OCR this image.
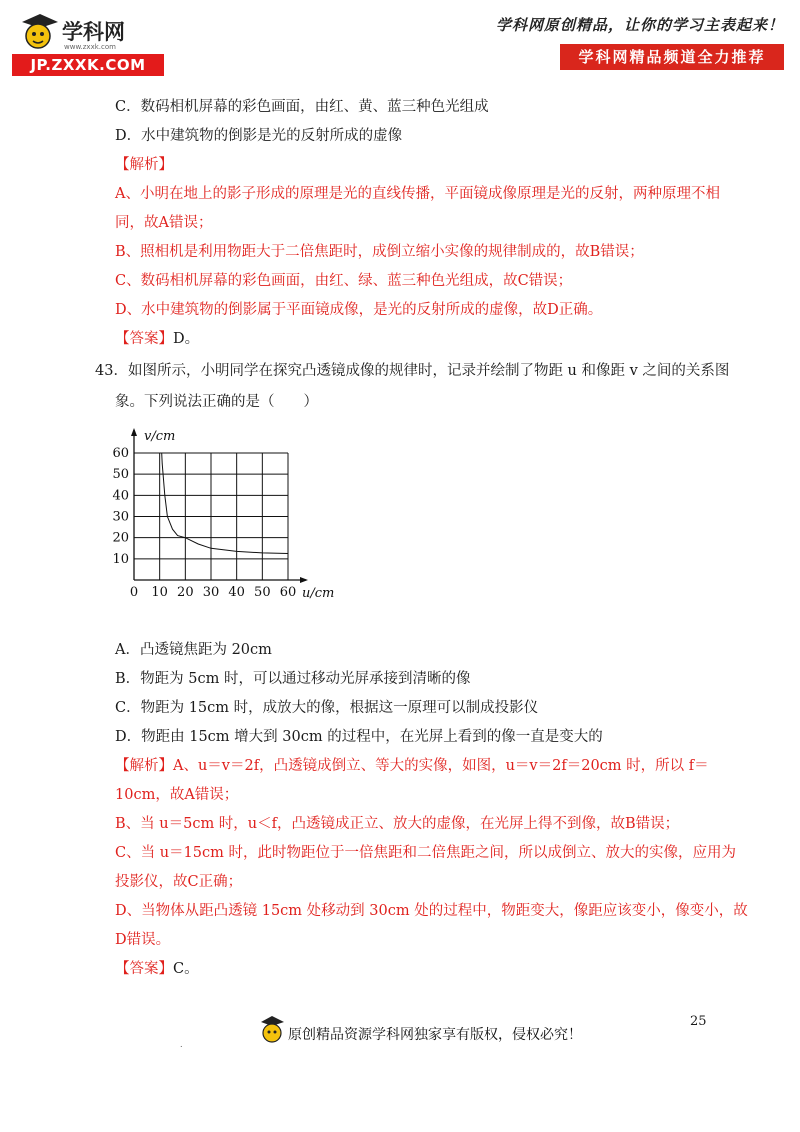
学科网
www.zxxk.com
JP.ZXXK.COM
学科网原创精品，让你的学习主表起来！
学科网精品频道全力推荐
C．数码相机屏幕的彩色画面，由红、黄、蓝三种色光组成
D．水中建筑物的倒影是光的反射所成的虚像
【解析】
A、小明在地上的影子形成的原理是光的直线传播，平面镜成像原理是光的反射，两种原理不相
同，故A错误；
B、照相机是利用物距大于二倍焦距时，成倒立缩小实像的规律制成的，故B错误；
C、数码相机屏幕的彩色画面，由红、绿、蓝三种色光组成，故C错误；
D、水中建筑物的倒影属于平面镜成像，是光的反射所成的虚像，故D正确。
【答案】D。
43．如图所示，小明同学在探究凸透镜成像的规律时，记录并绘制了物距 u 和像距 v 之间的关系图
象。下列说法正确的是（　　）
0 10 20 30 40 50 60
10
20
30
40
50
60
v/cm
u/cm
A．凸透镜焦距为 20cm
B．物距为 5cm 时，可以通过移动光屏承接到清晰的像
C．物距为 15cm 时，成放大的像，根据这一原理可以制成投影仪
D．物距由 15cm 增大到 30cm 的过程中，在光屏上看到的像一直是变大的
【解析】A、u＝v＝2f，凸透镜成倒立、等大的实像，如图，u＝v＝2f＝20cm 时，所以 f＝
10cm，故A错误；
B、当 u＝5cm 时，u＜f，凸透镜成正立、放大的虚像，在光屏上得不到像，故B错误；
C、当 u＝15cm 时，此时物距位于一倍焦距和二倍焦距之间，所以成倒立、放大的实像，应用为
投影仪，故C正确；
D、当物体从距凸透镜 15cm 处移动到 30cm 处的过程中，物距变大，像距应该变小，像变小，故
D错误。
【答案】C。
25
原创精品资源学科网独家享有版权，侵权必究！
.
